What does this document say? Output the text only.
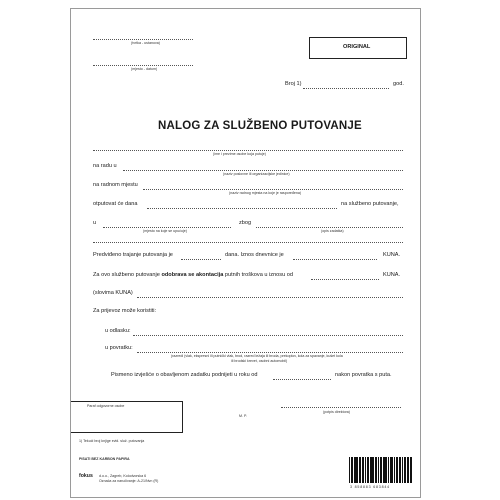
(tvrtka - ustanova)
(mjesto - datum)
ORIGINAL
Broj 1)	god.
NALOG ZA SLUŽBENO PUTOVANJE
(ime i prezime osobe koja putuje)
na radu u
(naziv poslovne ili organizacijske jedinice)
na radnom mjestu
(naziv radnog mjesta na koje je raspoređena)
otputovat će dana	na službeno putovanje,
u
(mjesto na koje se upućuje)
zbog
(opis zadatka)
Predviđeno trajanje putovanja je	dana. Iznos dnevnice je	KUNA.
Za ovo službeno putovanje odobrava se akontacija putnih troškova u iznosu od	KUNA.
(slovima KUNA)
Za prijevoz može koristiti:
u odlasku:
u povratku:
(razredi (vlak, ekspresni ili putnički vlak, brod, razred ležaja ili broda, prekoplov, kola za spavanje, kušet kola
ili brodski krevet, osobni automobil)
Pismeno izvješće o obavljenom zadatku podnijeti u roku od	nakon povratka s puta.
Paraf odgovorne osobe
M. P.
(potpis direktora)
1) Tekući broj knjige evid. služ. putovanja
PISATI BEZ KARBON PAPIRA
fokus d.o.o., Zagreb, Kolodvorska 6
Označa za naručivanje: A-21/Nvn (R)
3 858883 683844
